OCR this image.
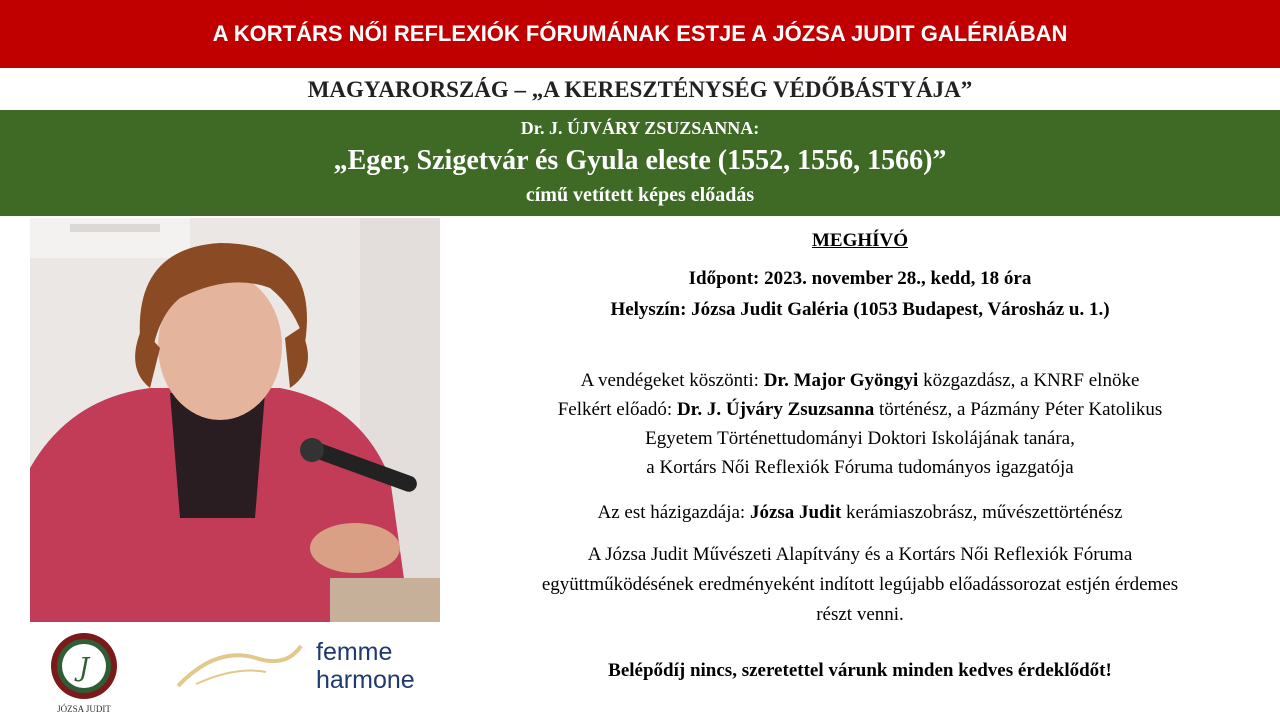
A KORTÁRS NŐI REFLEXIÓK FÓRUMÁNAK ESTJE A JÓZSA JUDIT GALÉRIÁBAN
MAGYARORSZÁG – „A KERESZTÉNYSÉG VÉDŐBÁSTYÁJA”
Dr. J. ÚJVÁRY ZSUZSANNA:
„Eger, Szigetvár és Gyula eleste (1552, 1556, 1566)”
című vetített képes előadás
J
JÓZSA JUDIT
femme
harmone
MEGHÍVÓ
Időpont: 2023. november 28., kedd, 18 óra
Helyszín: Józsa Judit Galéria (1053 Budapest, Városház u. 1.)
A vendégeket köszönti: Dr. Major Gyöngyi közgazdász, a KNRF elnöke
Felkért előadó: Dr. J. Újváry Zsuzsanna történész, a Pázmány Péter Katolikus
Egyetem Történettudományi Doktori Iskolájának tanára,
a Kortárs Női Reflexiók Fóruma tudományos igazgatója
Az est házigazdája: Józsa Judit kerámiaszobrász, művészettörténész
A Józsa Judit Művészeti Alapítvány és a Kortárs Női Reflexiók Fóruma
együttműködésének eredményeként indított legújabb előadássorozat estjén érdemes
részt venni.
Belépődíj nincs, szeretettel várunk minden kedves érdeklődőt!
